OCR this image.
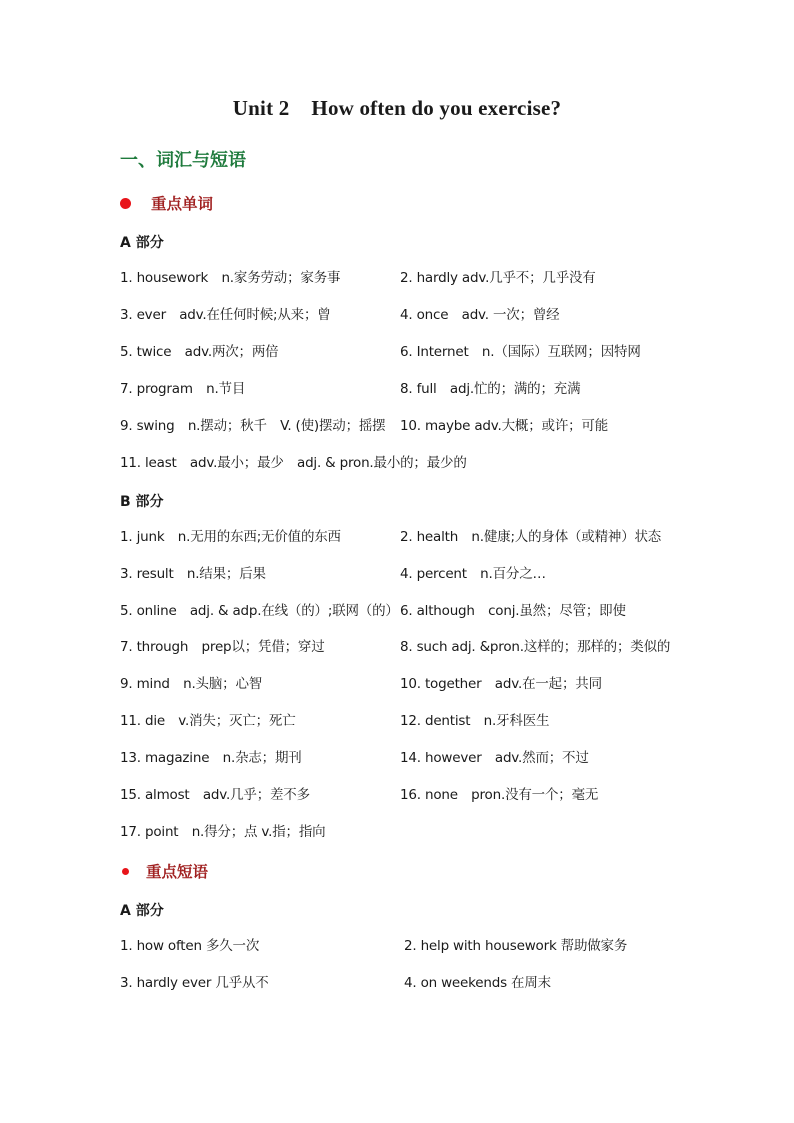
Unit 2 How often do you exercise?
一、词汇与短语
重点单词
A 部分
1. housework　n.家务劳动；家务事	2. hardly adv.几乎不；几乎没有
3. ever　adv.在任何时候;从来；曾	4. once　adv. 一次；曾经
5. twice　adv.两次；两倍	6. Internet　n.（国际）互联网；因特网
7. program　n.节目	8. full　adj.忙的；满的；充满
9. swing　n.摆动；秋千　V. (使)摆动；摇摆 10. maybe adv.大概；或许；可能
11. least　adv.最小；最少　adj. & pron.最小的；最少的
B 部分
1. junk　n.无用的东西;无价值的东西	2. health　n.健康;人的身体（或精神）状态
3. result　n.结果；后果	4. percent　n.百分之…
5. online　adj. & adp.在线（的）;联网（的） 6. although　conj.虽然；尽管；即使
7. through　prep以；凭借；穿过	8. such adj. &pron.这样的；那样的；类似的
9. mind　n.头脑；心智	10. together　adv.在一起；共同
11. die　v.消失；灭亡；死亡	12. dentist　n.牙科医生
13. magazine　n.杂志；期刊	14. however　adv.然而；不过
15. almost　adv.几乎；差不多	16. none　pron.没有一个；毫无
17. point　n.得分；点 v.指；指向
重点短语
A 部分
1. how often 多久一次	2. help with housework 帮助做家务
3. hardly ever 几乎从不	4. on weekends 在周末
